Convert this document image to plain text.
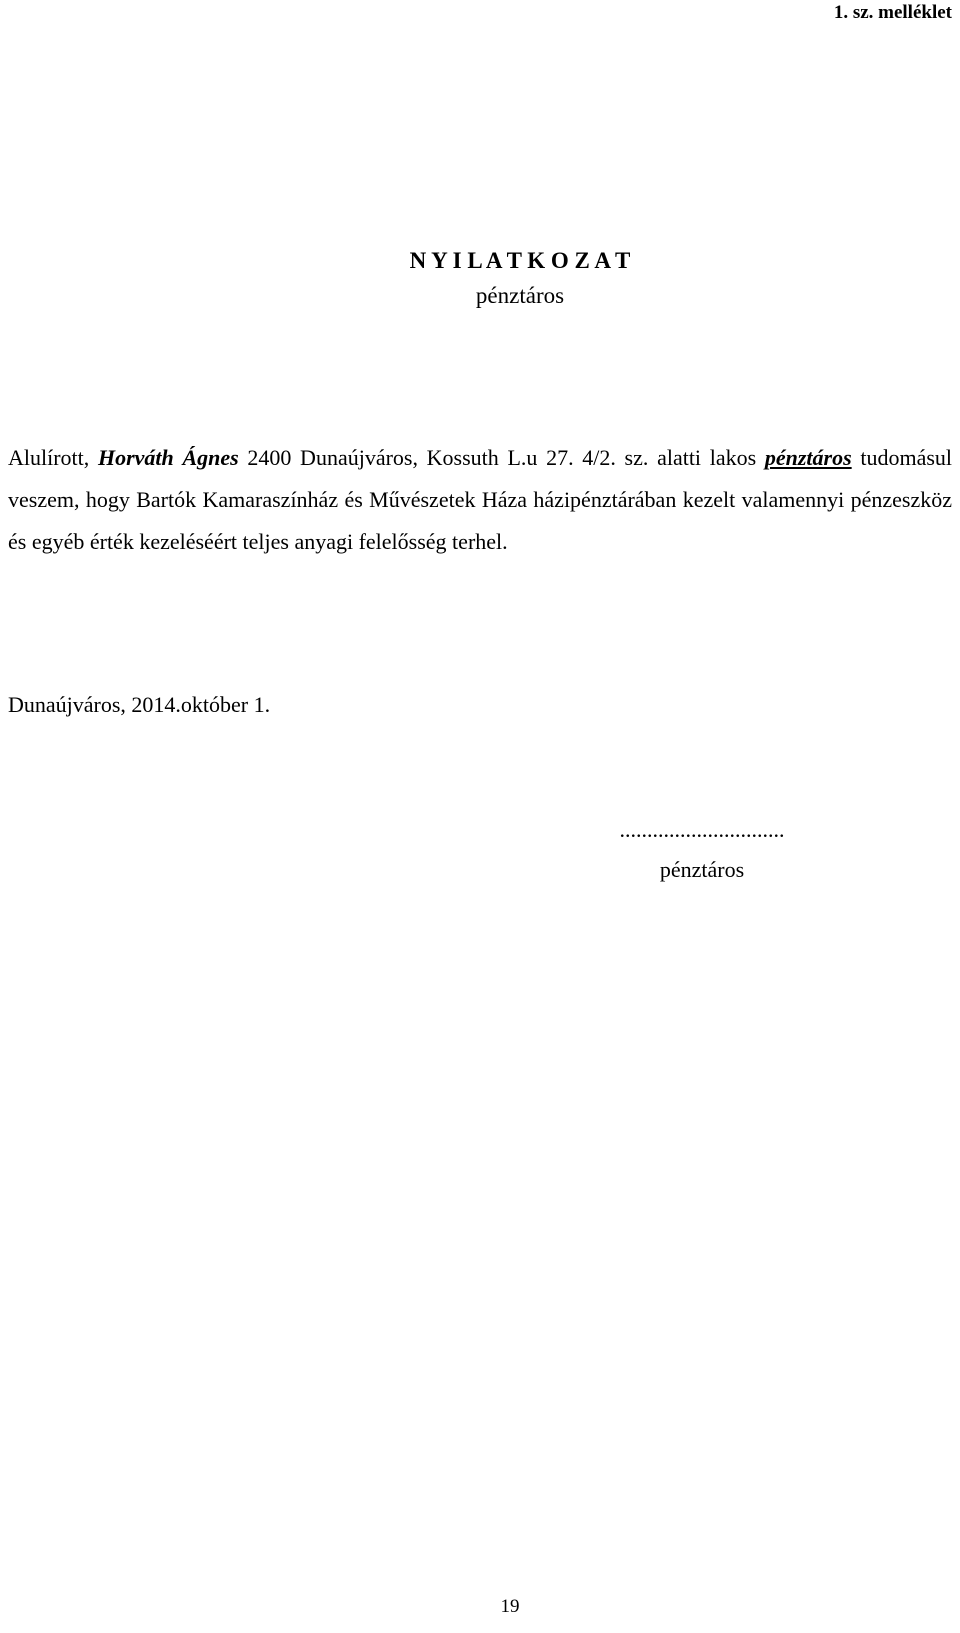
1. sz. melléklet
N Y I L A T K O Z A T
pénztáros

Alulírott, Horváth Ágnes 2400 Dunaújváros, Kossuth L.u 27. 4/2. sz. alatti lakos pénztáros tudomásul veszem, hogy Bartók Kamaraszínház és Művészetek Háza házipénztárában kezelt valamennyi pénzeszköz és egyéb érték kezeléséért teljes anyagi felelősség terhel.

Dunaújváros, 2014.október 1.
..............................
pénztáros
19
